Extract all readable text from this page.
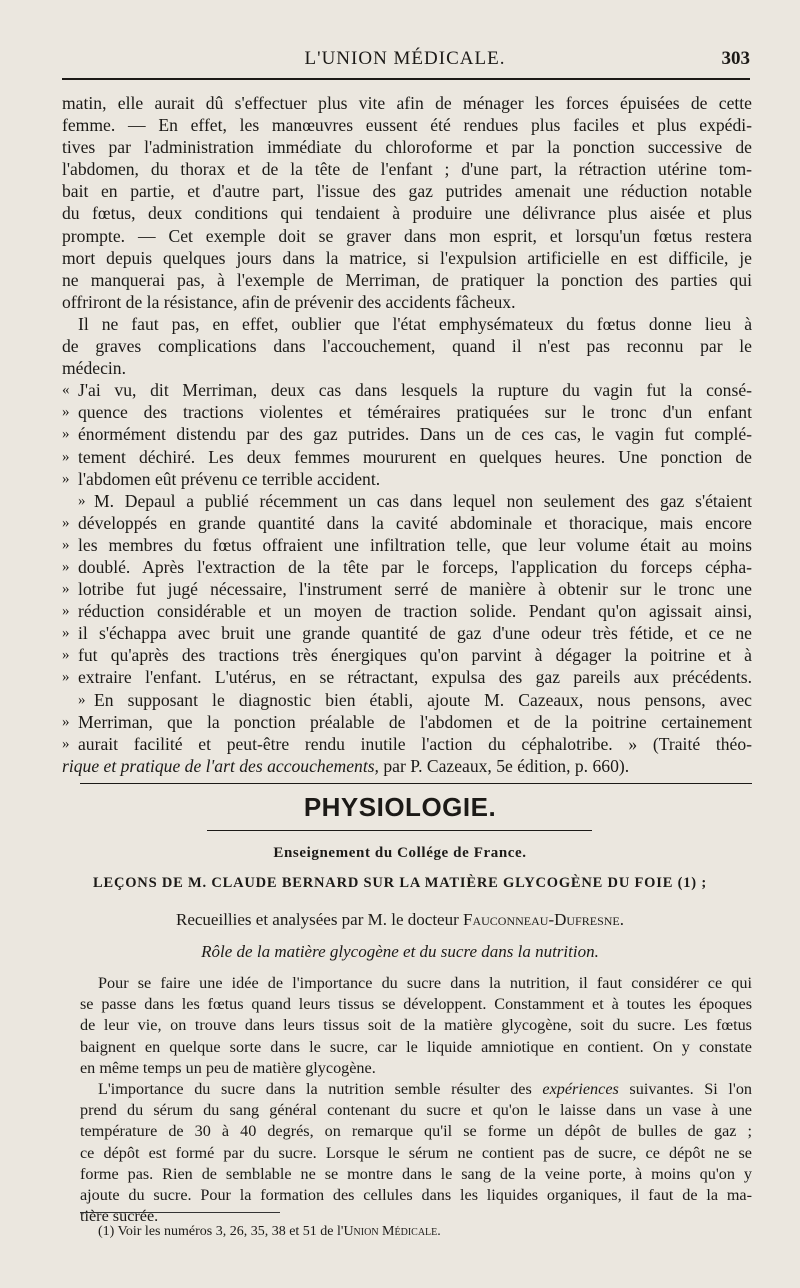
L'UNION MÉDICALE.	303
matin, elle aurait dû s'effectuer plus vite afin de ménager les forces épuisées de cette
femme. — En effet, les manœuvres eussent été rendues plus faciles et plus expédi-
tives par l'administration immédiate du chloroforme et par la ponction successive de
l'abdomen, du thorax et de la tête de l'enfant ; d'une part, la rétraction utérine tom-
bait en partie, et d'autre part, l'issue des gaz putrides amenait une réduction notable
du fœtus, deux conditions qui tendaient à produire une délivrance plus aisée et plus
prompte. — Cet exemple doit se graver dans mon esprit, et lorsqu'un fœtus restera
mort depuis quelques jours dans la matrice, si l'expulsion artificielle en est difficile, je
ne manquerai pas, à l'exemple de Merriman, de pratiquer la ponction des parties qui
offriront de la résistance, afin de prévenir des accidents fâcheux.
Il ne faut pas, en effet, oublier que l'état emphysémateux du fœtus donne lieu à
de graves complications dans l'accouchement, quand il n'est pas reconnu par le
médecin.
« J'ai vu, dit Merriman, deux cas dans lesquels la rupture du vagin fut la consé-
» quence des tractions violentes et téméraires pratiquées sur le tronc d'un enfant
» énormément distendu par des gaz putrides. Dans un de ces cas, le vagin fut complé-
» tement déchiré. Les deux femmes moururent en quelques heures. Une ponction de
» l'abdomen eût prévenu ce terrible accident.
» M. Depaul a publié récemment un cas dans lequel non seulement des gaz s'étaient
» développés en grande quantité dans la cavité abdominale et thoracique, mais encore
» les membres du fœtus offraient une infiltration telle, que leur volume était au moins
» doublé. Après l'extraction de la tête par le forceps, l'application du forceps cépha-
» lotribe fut jugé nécessaire, l'instrument serré de manière à obtenir sur le tronc une
» réduction considérable et un moyen de traction solide. Pendant qu'on agissait ainsi,
» il s'échappa avec bruit une grande quantité de gaz d'une odeur très fétide, et ce ne
» fut qu'après des tractions très énergiques qu'on parvint à dégager la poitrine et à
» extraire l'enfant. L'utérus, en se rétractant, expulsa des gaz pareils aux précédents.
» En supposant le diagnostic bien établi, ajoute M. Cazeaux, nous pensons, avec
» Merriman, que la ponction préalable de l'abdomen et de la poitrine certainement
» aurait facilité et peut-être rendu inutile l'action du céphalotribe. » (Traité théo-
rique et pratique de l'art des accouchements, par P. Cazeaux, 5e édition, p. 660).
PHYSIOLOGIE.
Enseignement du Collége de France.
LEÇONS DE M. CLAUDE BERNARD SUR LA MATIÈRE GLYCOGÈNE DU FOIE (1) ;
Recueillies et analysées par M. le docteur Fauconneau-Dufresne.
Rôle de la matière glycogène et du sucre dans la nutrition.
Pour se faire une idée de l'importance du sucre dans la nutrition, il faut considérer ce qui
se passe dans les fœtus quand leurs tissus se développent. Constamment et à toutes les époques
de leur vie, on trouve dans leurs tissus soit de la matière glycogène, soit du sucre. Les fœtus
baignent en quelque sorte dans le sucre, car le liquide amniotique en contient. On y constate
en même temps un peu de matière glycogène.
L'importance du sucre dans la nutrition semble résulter des expériences suivantes. Si l'on
prend du sérum du sang général contenant du sucre et qu'on le laisse dans un vase à une
température de 30 à 40 degrés, on remarque qu'il se forme un dépôt de bulles de gaz ;
ce dépôt est formé par du sucre. Lorsque le sérum ne contient pas de sucre, ce dépôt ne se
forme pas. Rien de semblable ne se montre dans le sang de la veine porte, à moins qu'on y
ajoute du sucre. Pour la formation des cellules dans les liquides organiques, il faut de la ma-
tière sucrée.
(1) Voir les numéros 3, 26, 35, 38 et 51 de l'Union Médicale.
